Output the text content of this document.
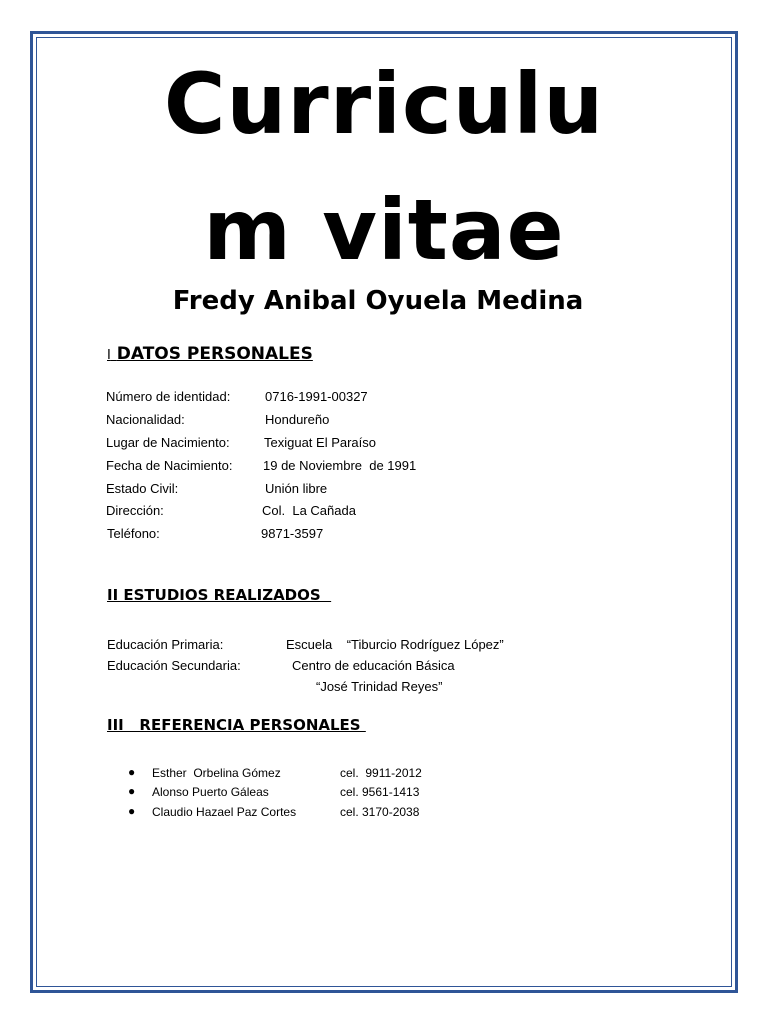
Curriculu
m vitae
Fredy Anibal Oyuela Medina
I DATOS PERSONALES
Número de identidad:	0716-1991-00327
Nacionalidad:	Hondureño
Lugar de Nacimiento:	Texiguat El Paraíso
Fecha de Nacimiento: 19 de Noviembre  de 1991
Estado Civil:	Unión libre
Dirección:	Col.  La Cañada
Teléfono:	9871-3597
II ESTUDIOS REALIZADOS
Educación Primaria:	Escuela    “Tiburcio Rodríguez López”
Educación Secundaria:	Centro de educación Básica
“José Trinidad Reyes”
III   REFERENCIA PERSONALES
● Esther  Orbelina Gómez	cel.  9911-2012
● Alonso Puerto Gáleas	cel. 9561-1413
● Claudio Hazael Paz Cortes	cel. 3170-2038
